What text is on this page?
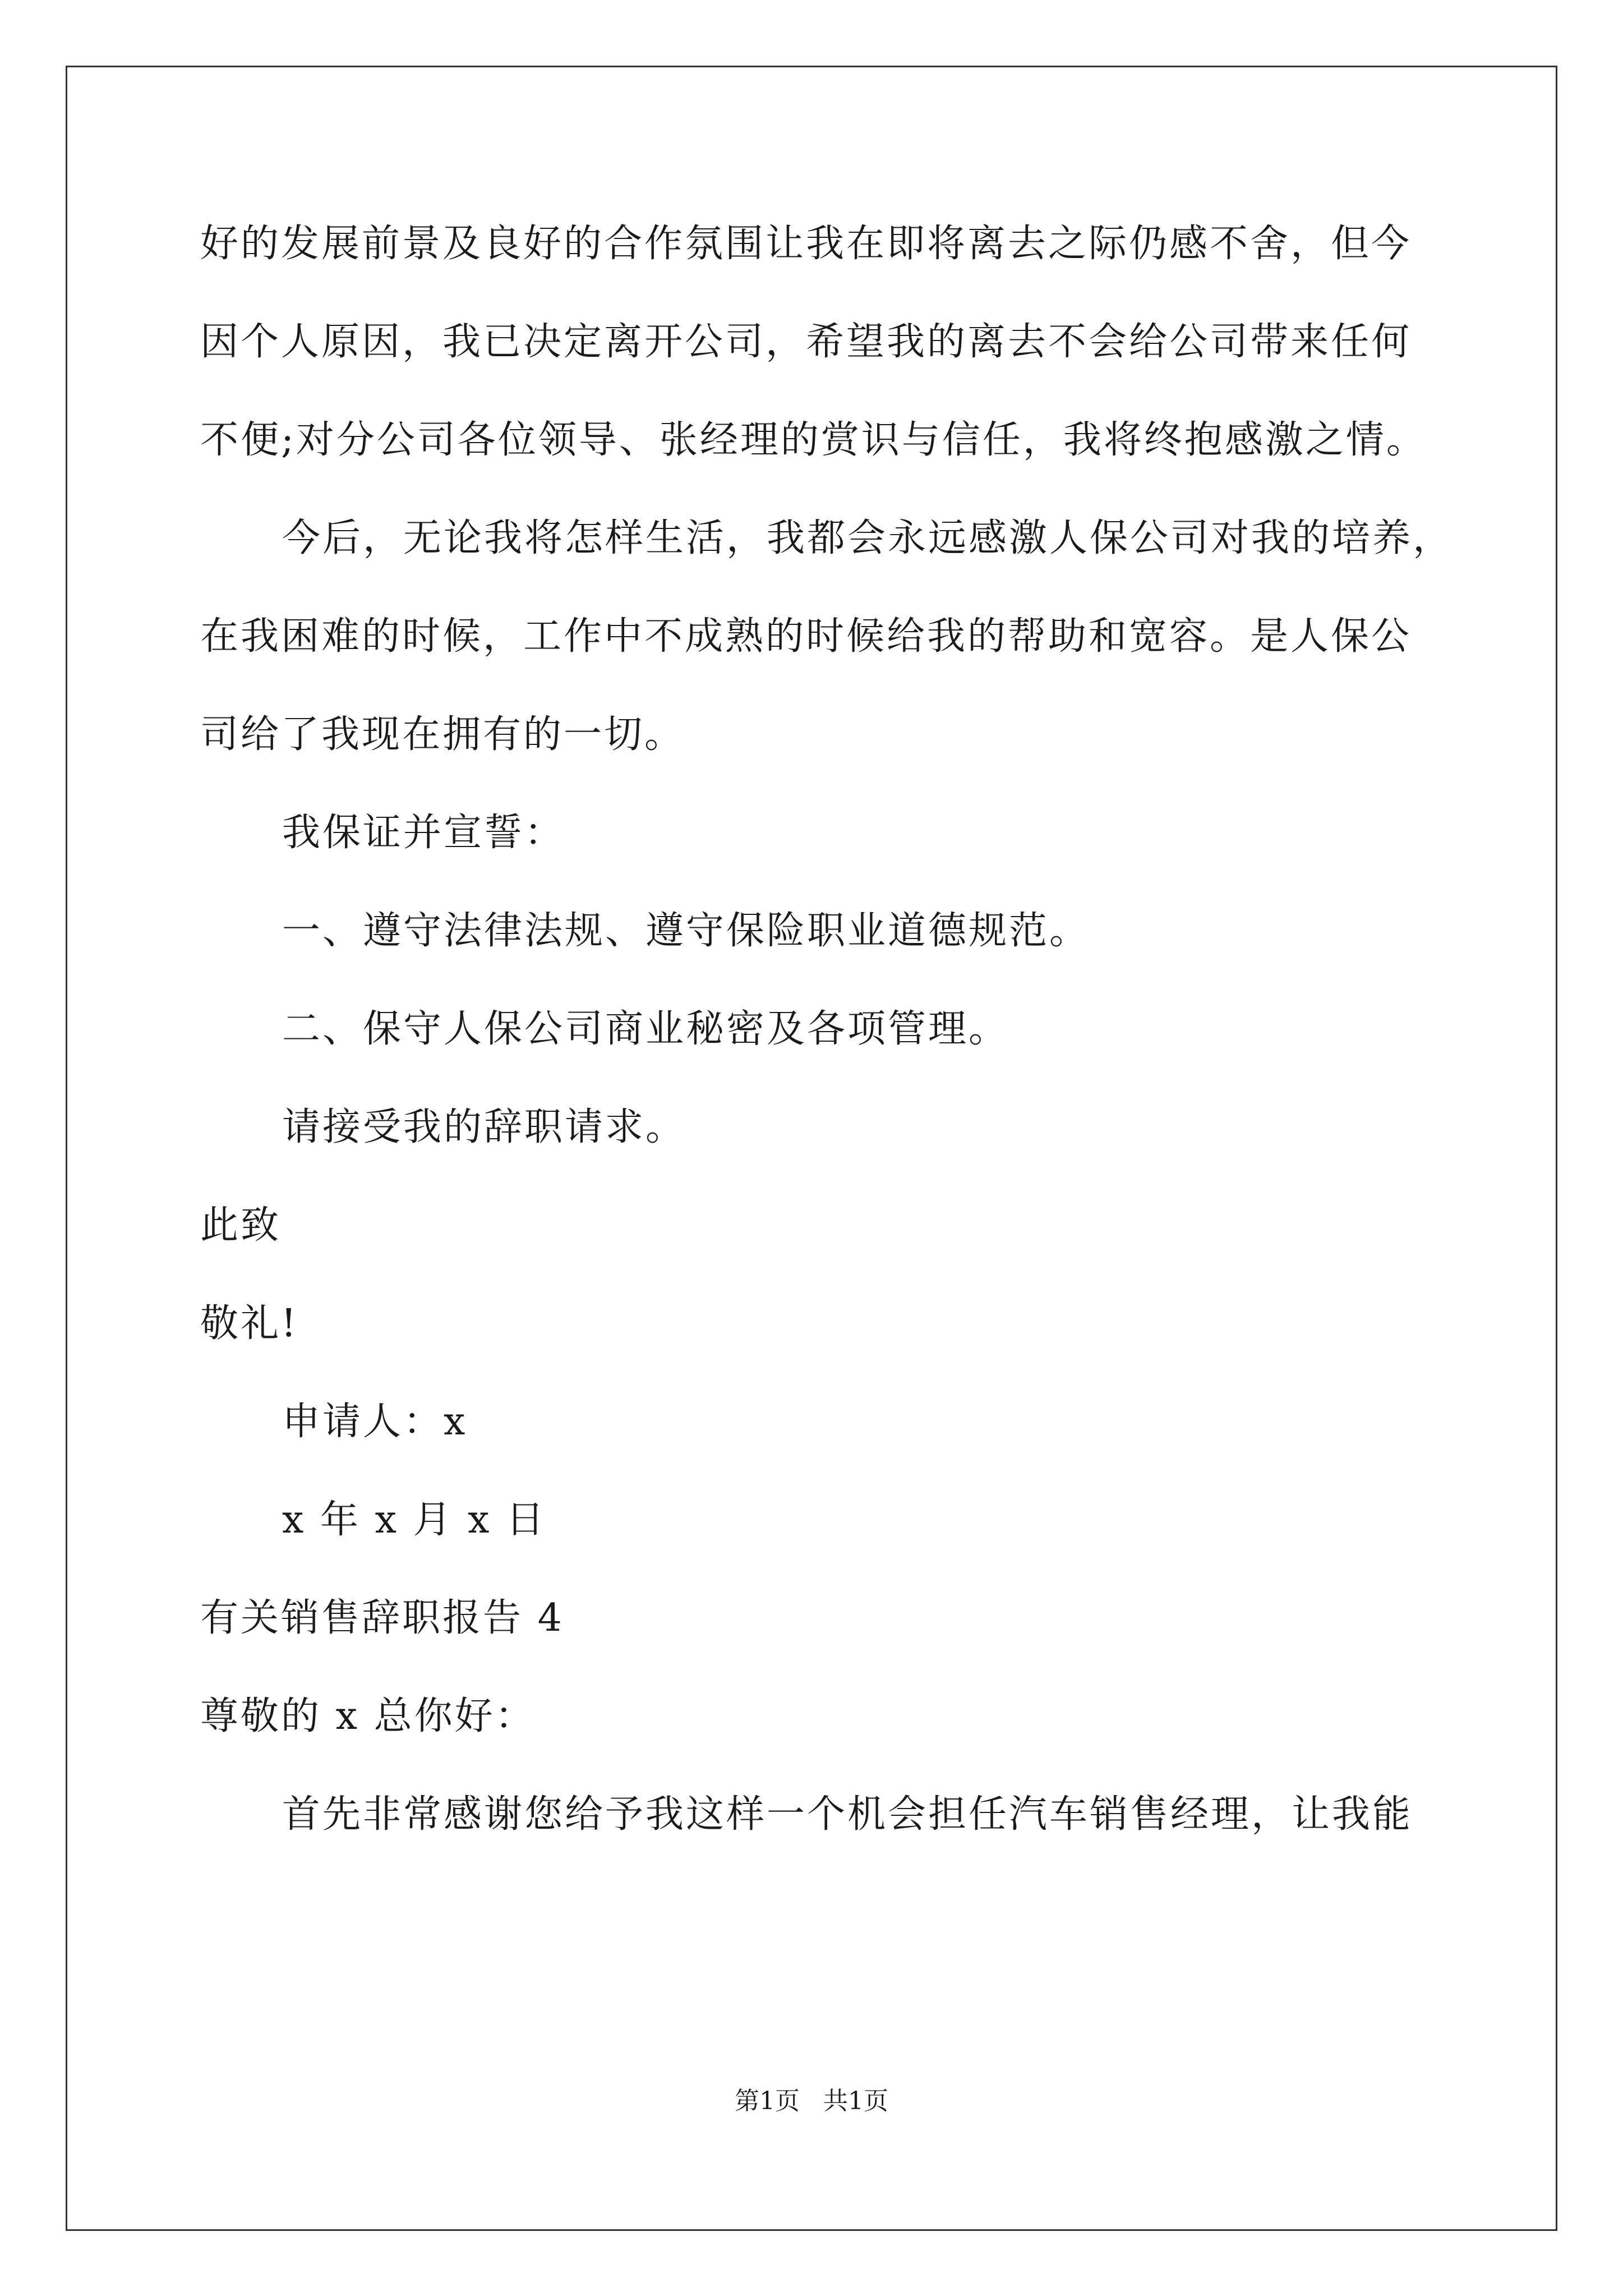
好的发展前景及良好的合作氛围让我在即将离去之际仍感不舍，但今
因个人原因，我已决定离开公司，希望我的离去不会给公司带来任何
不便;对分公司各位领导、张经理的赏识与信任，我将终抱感激之情。
今后，无论我将怎样生活，我都会永远感激人保公司对我的培养，
在我困难的时候，工作中不成熟的时候给我的帮助和宽容。是人保公
司给了我现在拥有的一切。
我保证并宣誓：
一、遵守法律法规、遵守保险职业道德规范。
二、保守人保公司商业秘密及各项管理。
请接受我的辞职请求。
此致
敬礼!
申请人：x
x 年 x 月 x 日
有关销售辞职报告 4
尊敬的 x 总你好：
首先非常感谢您给予我这样一个机会担任汽车销售经理，让我能
第1页   共1页
